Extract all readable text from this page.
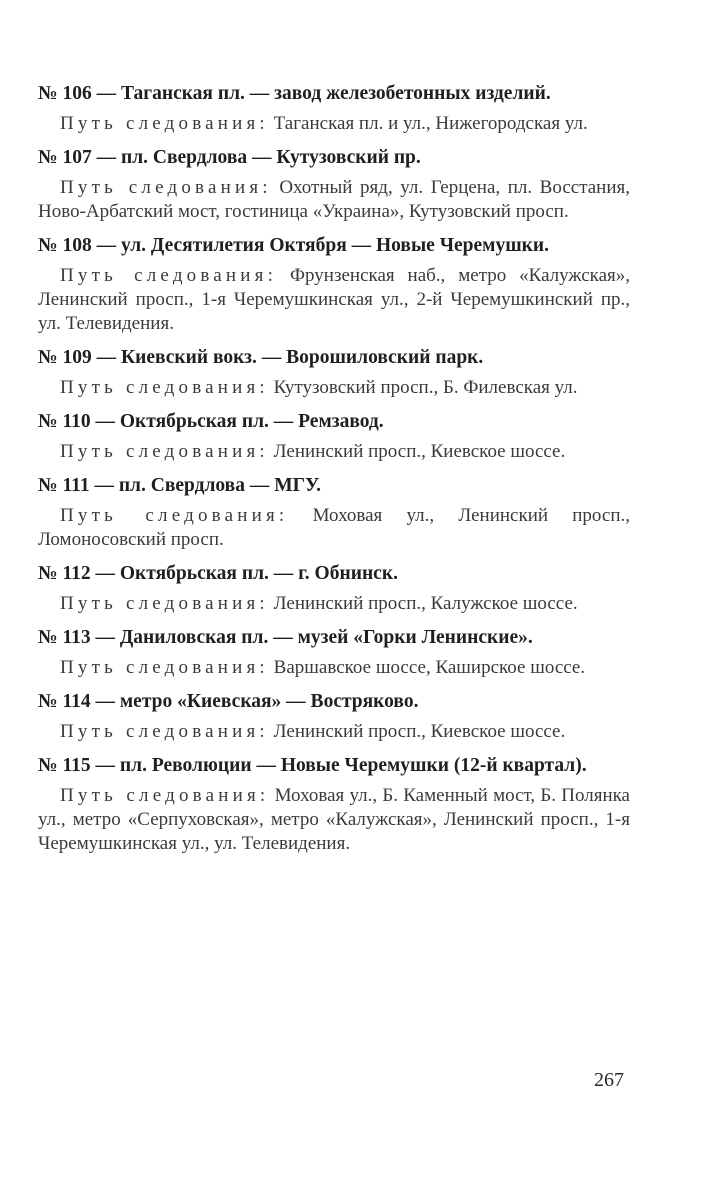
№ 106 — Таганская пл. — завод железобетонных изделий.

Путь следования: Таганская пл. и ул., Нижегородская ул.

№ 107 — пл. Свердлова — Кутузовский пр.

Путь следования: Охотный ряд, ул. Герцена, пл. Восстания, Ново-Арбатский мост, гостиница «Украина», Кутузовский просп.

№ 108 — ул. Десятилетия Октября — Новые Черемушки.

Путь следования: Фрунзенская наб., метро «Калужская», Ленинский просп., 1-я Черемушкинская ул., 2-й Черемушкинский пр., ул. Телевидения.

№ 109 — Киевский вокз. — Ворошиловский парк.

Путь следования: Кутузовский просп., Б. Филевская ул.

№ 110 — Октябрьская пл. — Ремзавод.

Путь следования: Ленинский просп., Киевское шоссе.

№ 111 — пл. Свердлова — МГУ.

Путь следования: Моховая ул., Ленинский просп., Ломоносовский просп.

№ 112 — Октябрьская пл. — г. Обнинск.

Путь следования: Ленинский просп., Калужское шоссе.

№ 113 — Даниловская пл. — музей «Горки Ленинские».

Путь следования: Варшавское шоссе, Каширское шоссе.

№ 114 — метро «Киевская» — Востряково.

Путь следования: Ленинский просп., Киевское шоссе.

№ 115 — пл. Революции — Новые Черемушки (12-й квартал).

Путь следования: Моховая ул., Б. Каменный мост, Б. Полянка ул., метро «Серпуховская», метро «Калужская», Ленинский просп., 1-я Черемушкинская ул., ул. Телевидения.

267
